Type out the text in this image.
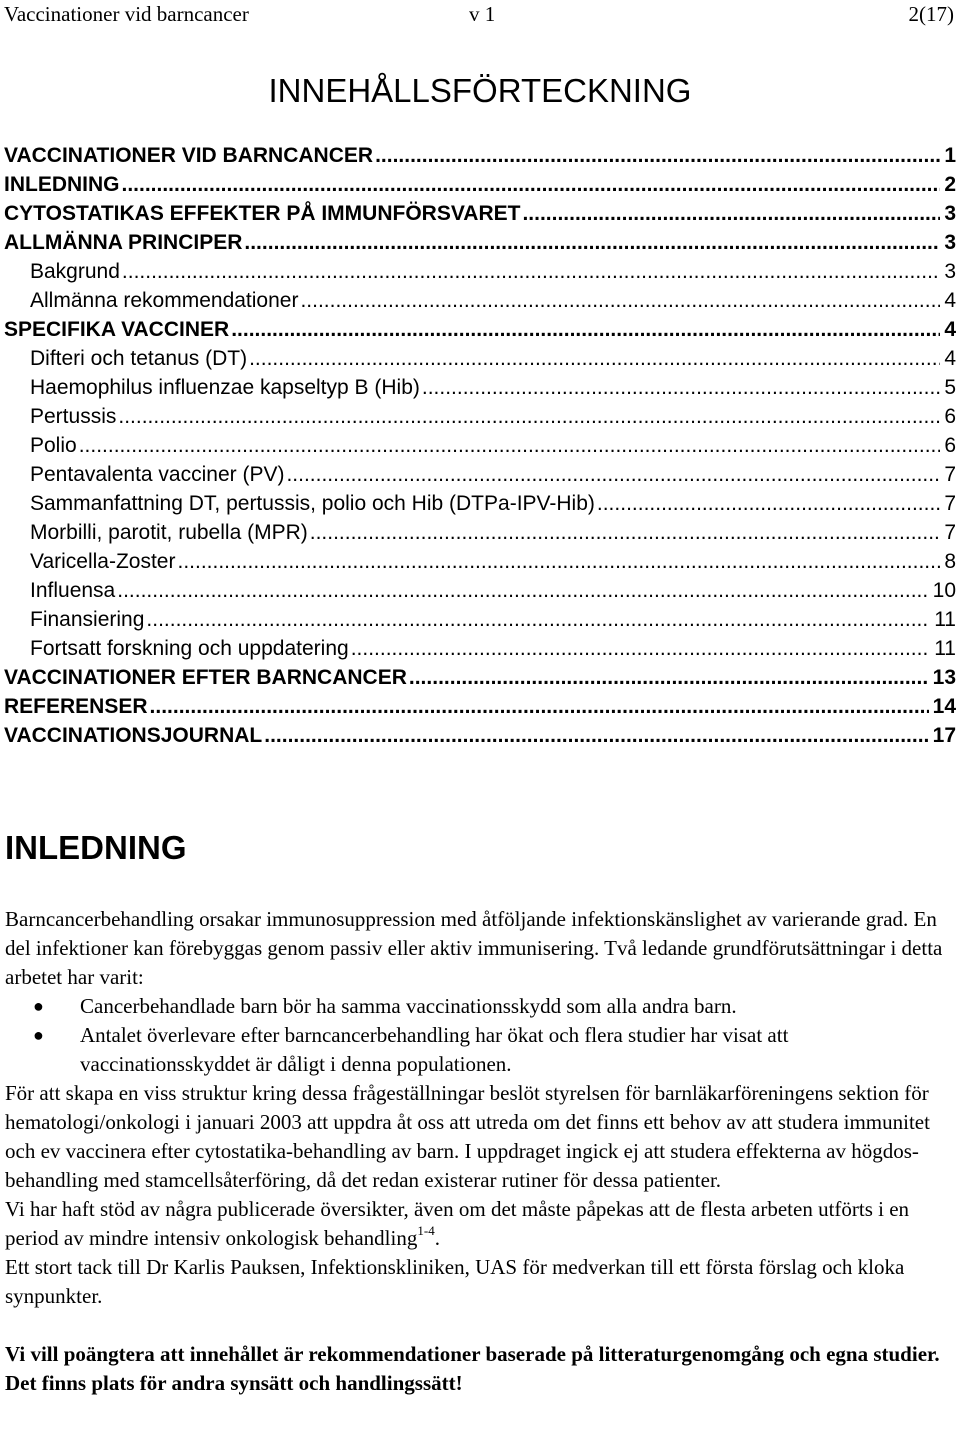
Vaccinationer vid barncancer	v 1	2(17)
INNEHÅLLSFÖRTECKNING
VACCINATIONER VID BARNCANCER .....	1
INLEDNING .....	2
CYTOSTATIKAS EFFEKTER PÅ IMMUNFÖRSVARET .....	3
ALLMÄNNA PRINCIPER .....	3
Bakgrund .....	3
Allmänna rekommendationer .....	4
SPECIFIKA VACCINER .....	4
Difteri och tetanus (DT) .....	4
Haemophilus influenzae kapseltyp B (Hib) .....	5
Pertussis .....	6
Polio .....	6
Pentavalenta vacciner (PV) .....	7
Sammanfattning DT, pertussis, polio och Hib (DTPa-IPV-Hib) .....	7
Morbilli, parotit, rubella (MPR) .....	7
Varicella-Zoster .....	8
Influensa .....	10
Finansiering .....	11
Fortsatt forskning och uppdatering .....	11
VACCINATIONER EFTER BARNCANCER .....	13
REFERENSER .....	14
VACCINATIONSJOURNAL .....	17
INLEDNING

Barncancerbehandling orsakar immunosuppression med åtföljande infektionskänslighet av varierande grad. En del infektioner kan förebyggas genom passiv eller aktiv immunisering. Två ledande grundförutsättningar i detta arbetet har varit:

● Cancerbehandlade barn bör ha samma vaccinationsskydd som alla andra barn.
● Antalet överlevare efter barncancerbehandling har ökat och flera studier har visat att vaccinationsskyddet är dåligt i denna populationen.

För att skapa en viss struktur kring dessa frågeställningar beslöt styrelsen för barnläkarföreningens sektion för hematologi/onkologi i januari 2003 att uppdra åt oss att utreda om det finns ett behov av att studera immunitet och ev vaccinera efter cytostatika-behandling av barn. I uppdraget ingick ej att studera effekterna av högdos-behandling med stamcellsåterföring, då det redan existerar rutiner för dessa patienter.

Vi har haft stöd av några publicerade översikter, även om det måste påpekas att de flesta arbeten utförts i en period av mindre intensiv onkologisk behandling$^{1-4}$.

Ett stort tack till Dr Karlis Pauksen, Infektionskliniken, UAS för medverkan till ett första förslag och kloka synpunkter.

Vi vill poängtera att innehållet är rekommendationer baserade på litteraturgenomgång och egna studier. Det finns plats för andra synsätt och handlingssätt!
